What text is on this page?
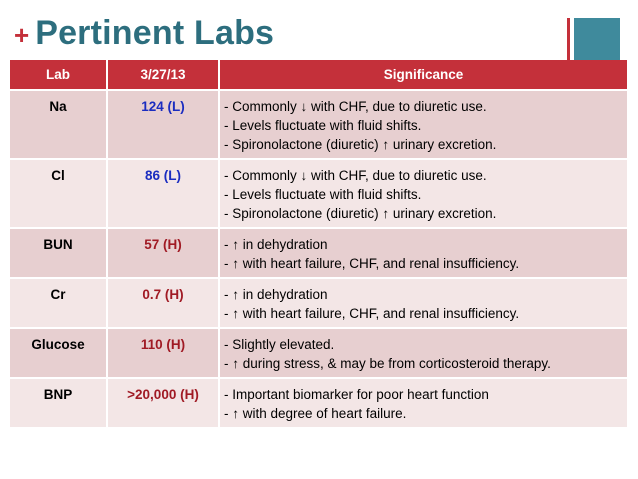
+ Pertinent Labs
Lab	3/27/13	Significance
Na	124 (L)	- Commonly ↓ with CHF, due to diuretic use.
- Levels fluctuate with fluid shifts.
- Spironolactone (diuretic) ↑ urinary excretion.

Cl	86 (L)	- Commonly ↓ with CHF, due to diuretic use.
- Levels fluctuate with fluid shifts.
- Spironolactone (diuretic) ↑ urinary excretion.

BUN	57 (H)	- ↑ in dehydration
- ↑ with heart failure, CHF, and renal insufficiency.

Cr	0.7 (H)	- ↑ in dehydration
- ↑ with heart failure, CHF, and renal insufficiency.

Glucose	110 (H)	- Slightly elevated.
- ↑ during stress, & may be from corticosteroid therapy.

BNP	>20,000 (H)	- Important biomarker for poor heart function
- ↑ with degree of heart failure.
